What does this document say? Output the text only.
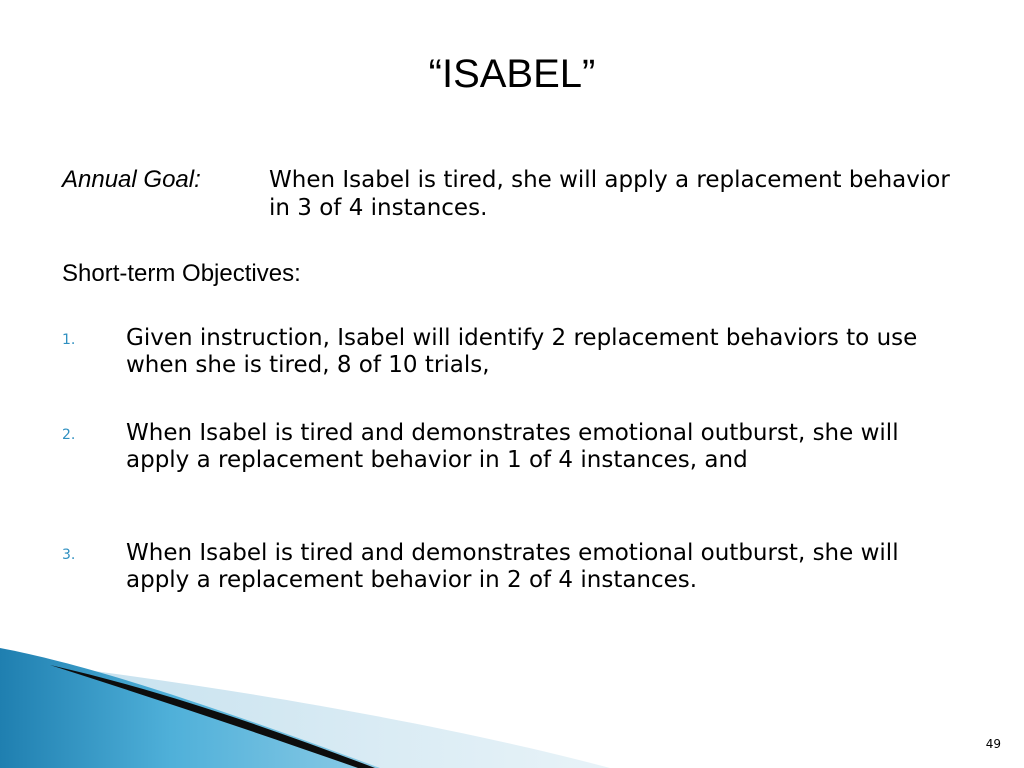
“ISABEL”
Annual Goal:	When Isabel is tired, she will apply a replacement behavior in 3 of 4 instances.
Short-term Objectives:
1. Given instruction, Isabel will identify 2 replacement behaviors to use when she is tired, 8 of 10 trials,
2. When Isabel is tired and demonstrates emotional outburst, she will apply a replacement behavior in 1 of 4 instances, and
3. When Isabel is tired and demonstrates emotional outburst, she will apply a replacement behavior in 2 of 4 instances.
49
